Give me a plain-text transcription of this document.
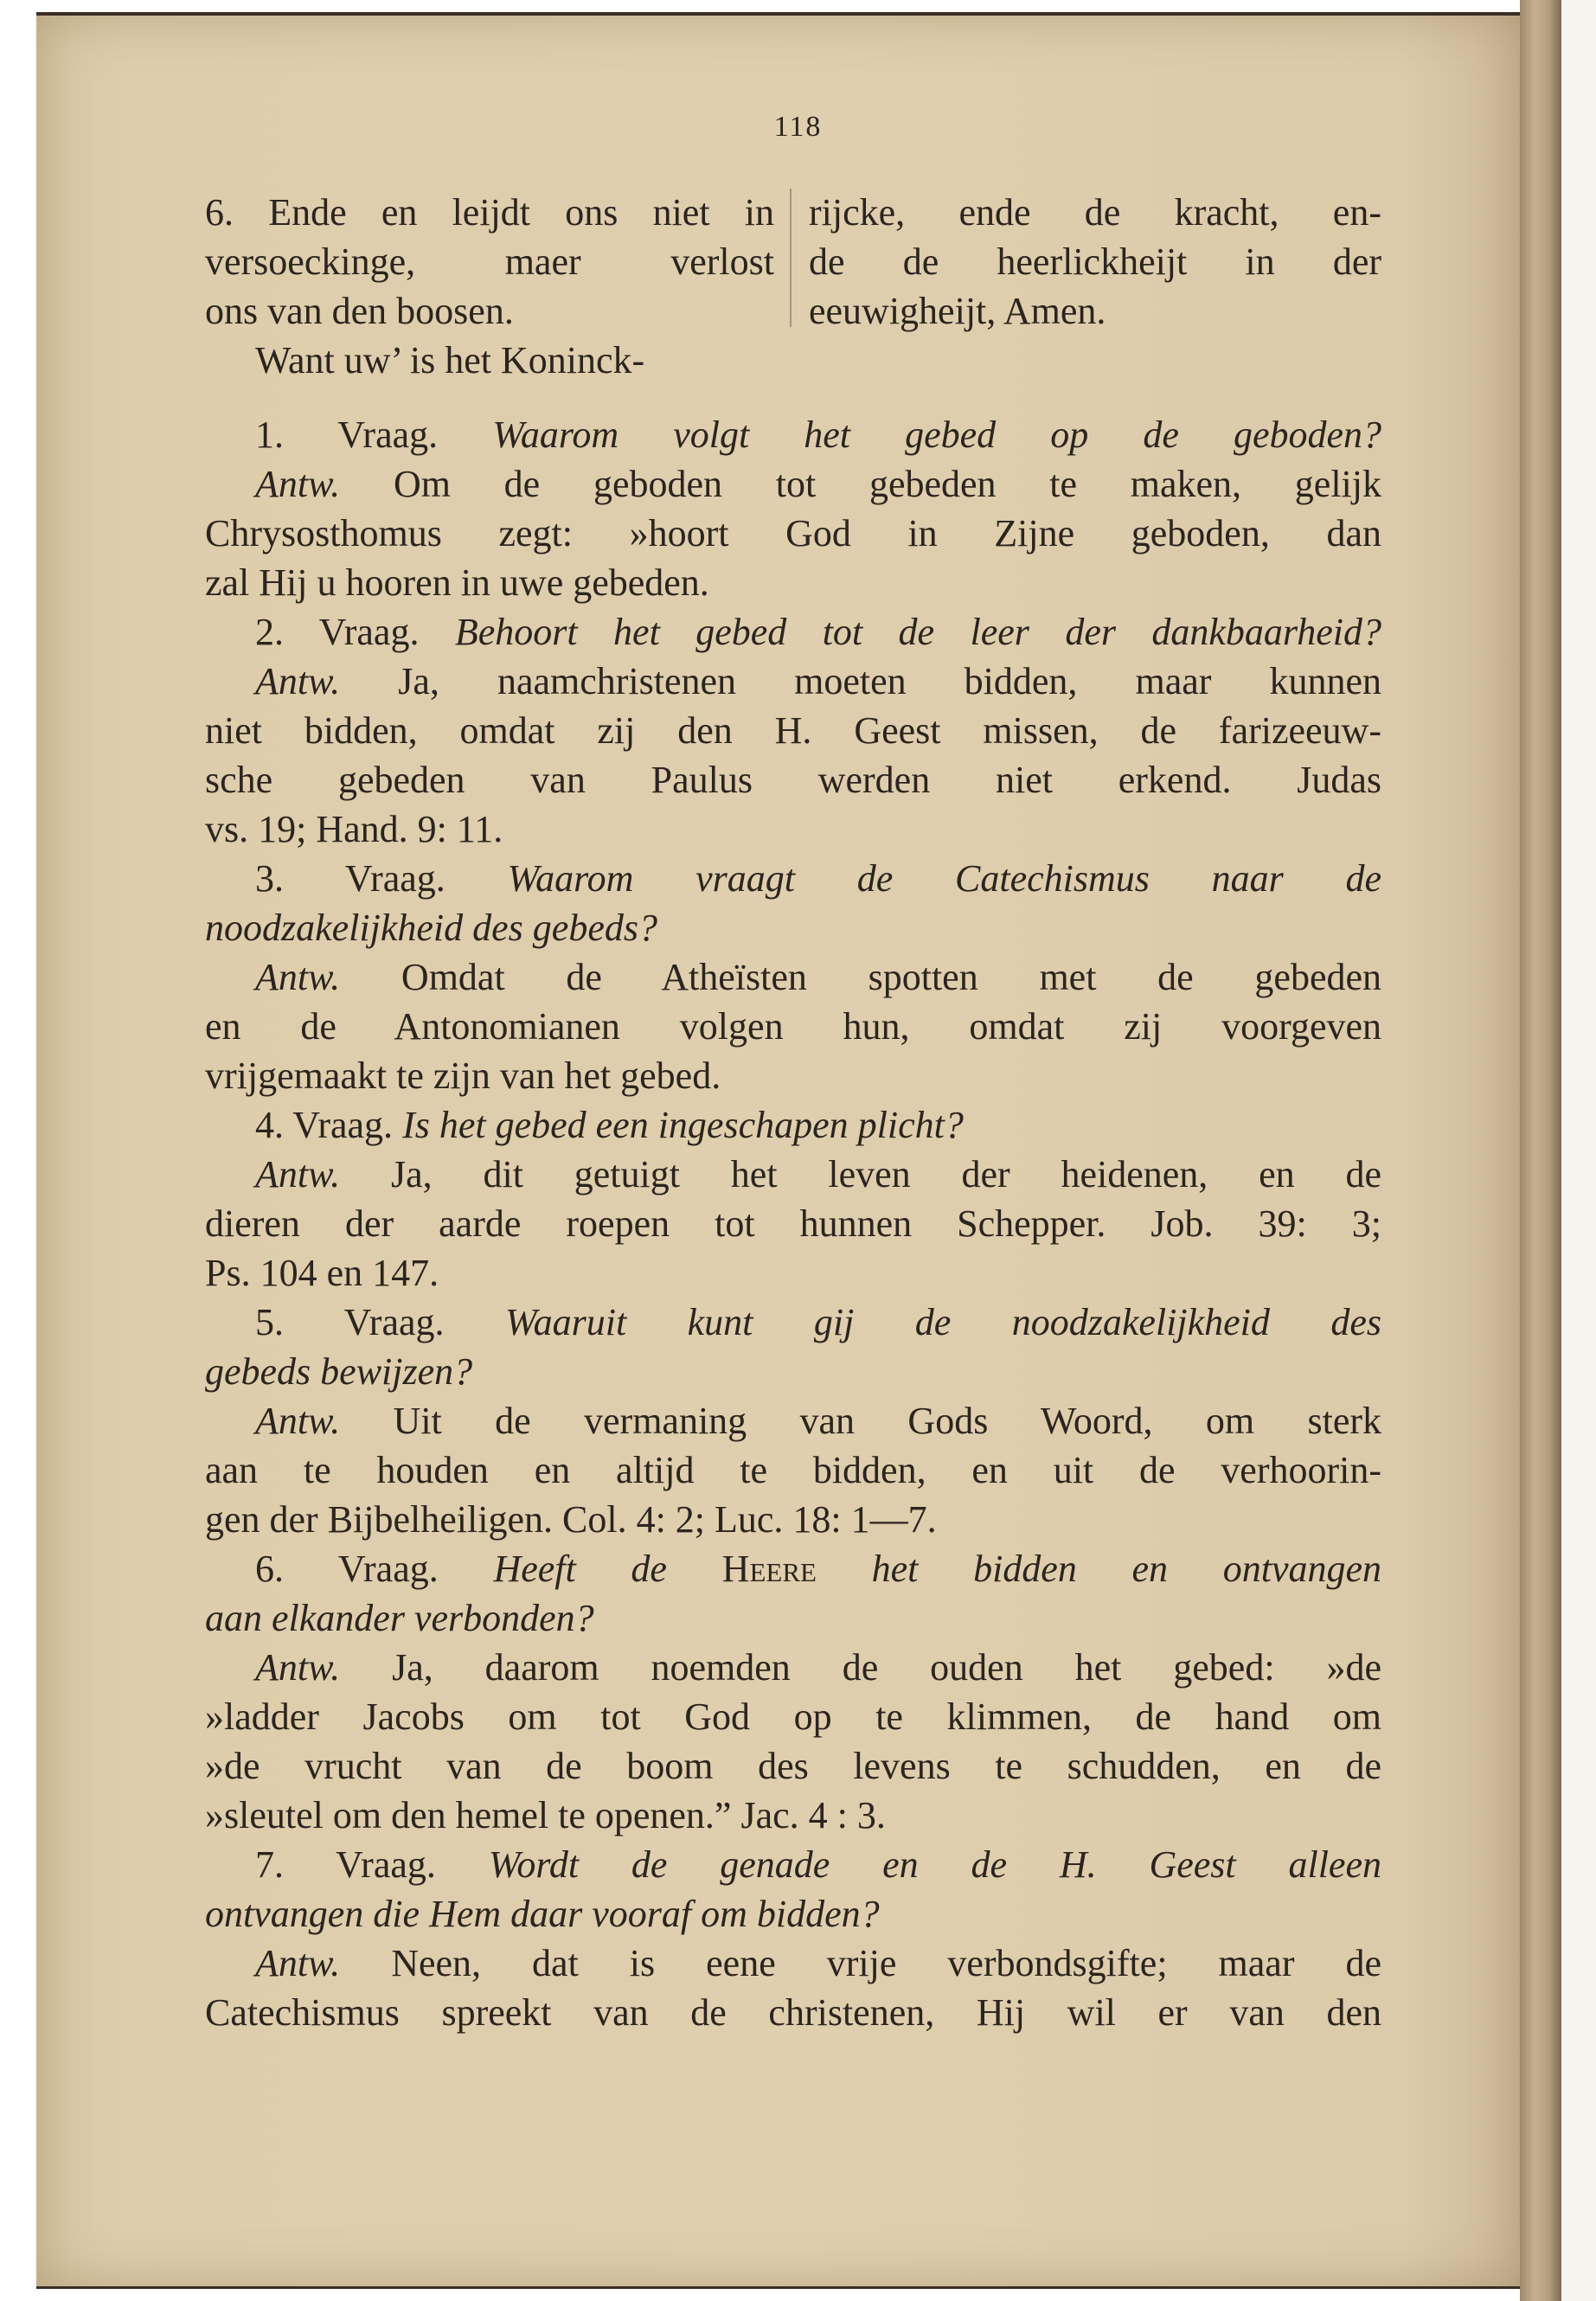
118
6. Ende en leijdt ons niet in
versoeckinge, maer verlost
ons van den boosen.
Want uw’ is het Koninck-
rijcke, ende de kracht, en-
de de heerlickheijt in der
eeuwigheijt, Amen.
1. Vraag. Waarom volgt het gebed op de geboden?
Antw. Om de geboden tot gebeden te maken, gelijk
Chrysosthomus zegt: »hoort God in Zijne geboden, dan
zal Hij u hooren in uwe gebeden.
2. Vraag. Behoort het gebed tot de leer der dankbaarheid?
Antw. Ja, naamchristenen moeten bidden, maar kunnen
niet bidden, omdat zij den H. Geest missen, de farizeeuw-
sche gebeden van Paulus werden niet erkend. Judas
vs. 19; Hand. 9: 11.
3. Vraag. Waarom vraagt de Catechismus naar de
noodzakelijkheid des gebeds?
Antw. Omdat de Atheïsten spotten met de gebeden
en de Antonomianen volgen hun, omdat zij voorgeven
vrijgemaakt te zijn van het gebed.
4. Vraag. Is het gebed een ingeschapen plicht?
Antw. Ja, dit getuigt het leven der heidenen, en de
dieren der aarde roepen tot hunnen Schepper. Job. 39: 3;
Ps. 104 en 147.
5. Vraag. Waaruit kunt gij de noodzakelijkheid des
gebeds bewijzen?
Antw. Uit de vermaning van Gods Woord, om sterk
aan te houden en altijd te bidden, en uit de verhoorin-
gen der Bijbelheiligen. Col. 4: 2; Luc. 18: 1—7.
6. Vraag. Heeft de Heere het bidden en ontvangen
aan elkander verbonden?
Antw. Ja, daarom noemden de ouden het gebed: »de
»ladder Jacobs om tot God op te klimmen, de hand om
»de vrucht van de boom des levens te schudden, en de
»sleutel om den hemel te openen.” Jac. 4 : 3.
7. Vraag. Wordt de genade en de H. Geest alleen
ontvangen die Hem daar vooraf om bidden?
Antw. Neen, dat is eene vrije verbondsgifte; maar de
Catechismus spreekt van de christenen, Hij wil er van den
